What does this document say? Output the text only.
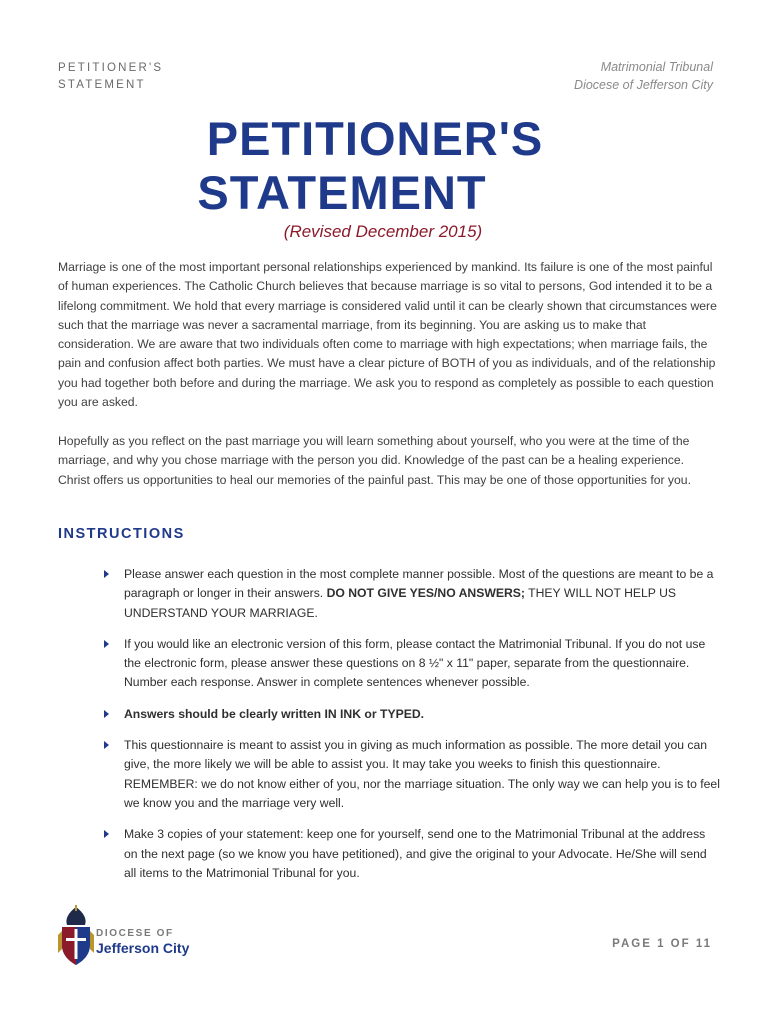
PETITIONER'S
STATEMENT
Matrimonial Tribunal
Diocese of Jefferson City
PETITIONER'S
STATEMENT
(Revised December 2015)

Marriage is one of the most important personal relationships experienced by mankind. Its failure is one of the most painful of human experiences. The Catholic Church believes that because marriage is so vital to persons, God intended it to be a lifelong commitment. We hold that every marriage is considered valid until it can be clearly shown that circumstances were such that the marriage was never a sacramental marriage, from its beginning. You are asking us to make that consideration. We are aware that two individuals often come to marriage with high expectations; when marriage fails, the pain and confusion affect both parties. We must have a clear picture of BOTH of you as individuals, and of the relationship you had together both before and during the marriage. We ask you to respond as completely as possible to each question you are asked.

Hopefully as you reflect on the past marriage you will learn something about yourself, who you were at the time of the marriage, and why you chose marriage with the person you did. Knowledge of the past can be a healing experience. Christ offers us opportunities to heal our memories of the painful past. This may be one of those opportunities for you.

INSTRUCTIONS
Please answer each question in the most complete manner possible. Most of the questions are meant to be a paragraph or longer in their answers. DO NOT GIVE YES/NO ANSWERS; THEY WILL NOT HELP US UNDERSTAND YOUR MARRIAGE.
If you would like an electronic version of this form, please contact the Matrimonial Tribunal. If you do not use the electronic form, please answer these questions on 8 ½" x 11" paper, separate from the questionnaire. Number each response. Answer in complete sentences whenever possible.
Answers should be clearly written IN INK or TYPED.
This questionnaire is meant to assist you in giving as much information as possible. The more detail you can give, the more likely we will be able to assist you. It may take you weeks to finish this questionnaire. REMEMBER: we do not know either of you, nor the marriage situation. The only way we can help you is to feel we know you and the marriage very well.
Make 3 copies of your statement: keep one for yourself, send one to the Matrimonial Tribunal at the address on the next page (so we know you have petitioned), and give the original to your Advocate. He/She will send all items to the Matrimonial Tribunal for you.
DIOCESE OF
Jefferson City	PAGE 1 OF 11
